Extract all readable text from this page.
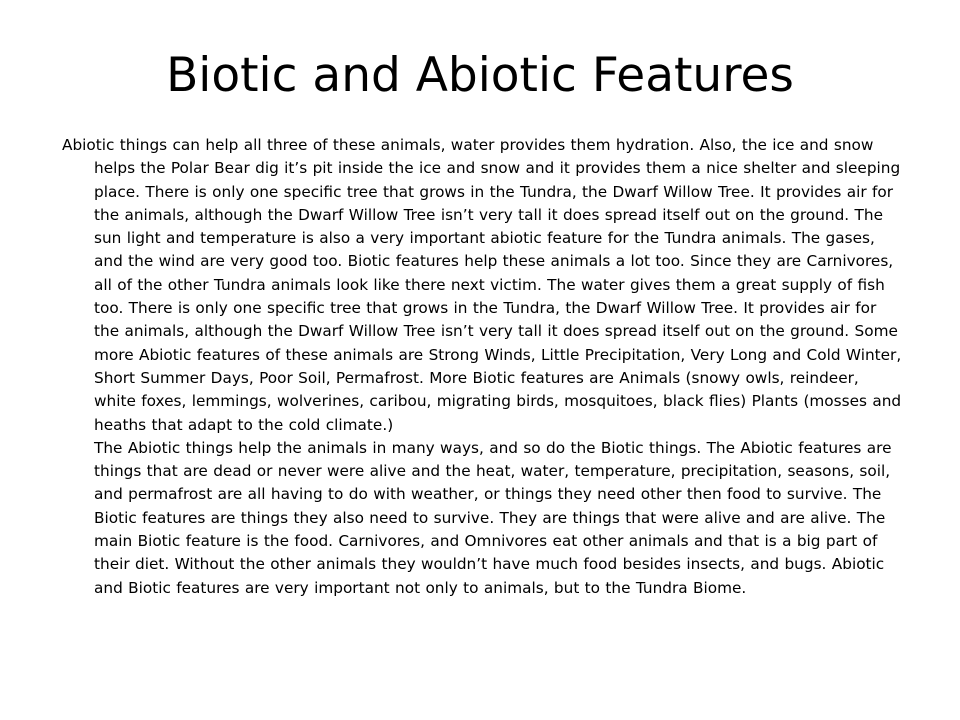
Biotic and Abiotic Features

Abiotic things can help all three of these animals, water provides them hydration. Also, the ice and snow helps the Polar Bear dig it’s pit inside the ice and snow and it provides them a nice shelter and sleeping place. There is only one specific tree that grows in the Tundra, the Dwarf Willow Tree. It provides air for the animals, although the Dwarf Willow Tree isn’t very tall it does spread itself out on the ground. The sun light and temperature is also a very important abiotic feature for the Tundra animals. The gases, and the wind are very good too. Biotic features help these animals a lot too. Since they are Carnivores, all of the other Tundra animals look like there next victim. The water gives them a great supply of fish too. There is only one specific tree that grows in the Tundra, the Dwarf Willow Tree. It provides air for the animals, although the Dwarf Willow Tree isn’t very tall it does spread itself out on the ground. Some more Abiotic features of these animals are Strong Winds, Little Precipitation, Very Long and Cold Winter, Short Summer Days, Poor Soil, Permafrost. More Biotic features are Animals (snowy owls, reindeer, white foxes, lemmings, wolverines, caribou, migrating birds, mosquitoes, black flies) Plants (mosses and heaths that adapt to the cold climate.)

The Abiotic things help the animals in many ways, and so do the Biotic things. The Abiotic features are things that are dead or never were alive and the heat, water, temperature, precipitation, seasons, soil, and permafrost are all having to do with weather, or things they need other then food to survive. The Biotic features are things they also need to survive. They are things that were alive and are alive. The main Biotic feature is the food. Carnivores, and Omnivores eat other animals and that is a big part of their diet. Without the other animals they wouldn’t have much food besides insects, and bugs. Abiotic and Biotic features are very important not only to animals, but to the Tundra Biome.
